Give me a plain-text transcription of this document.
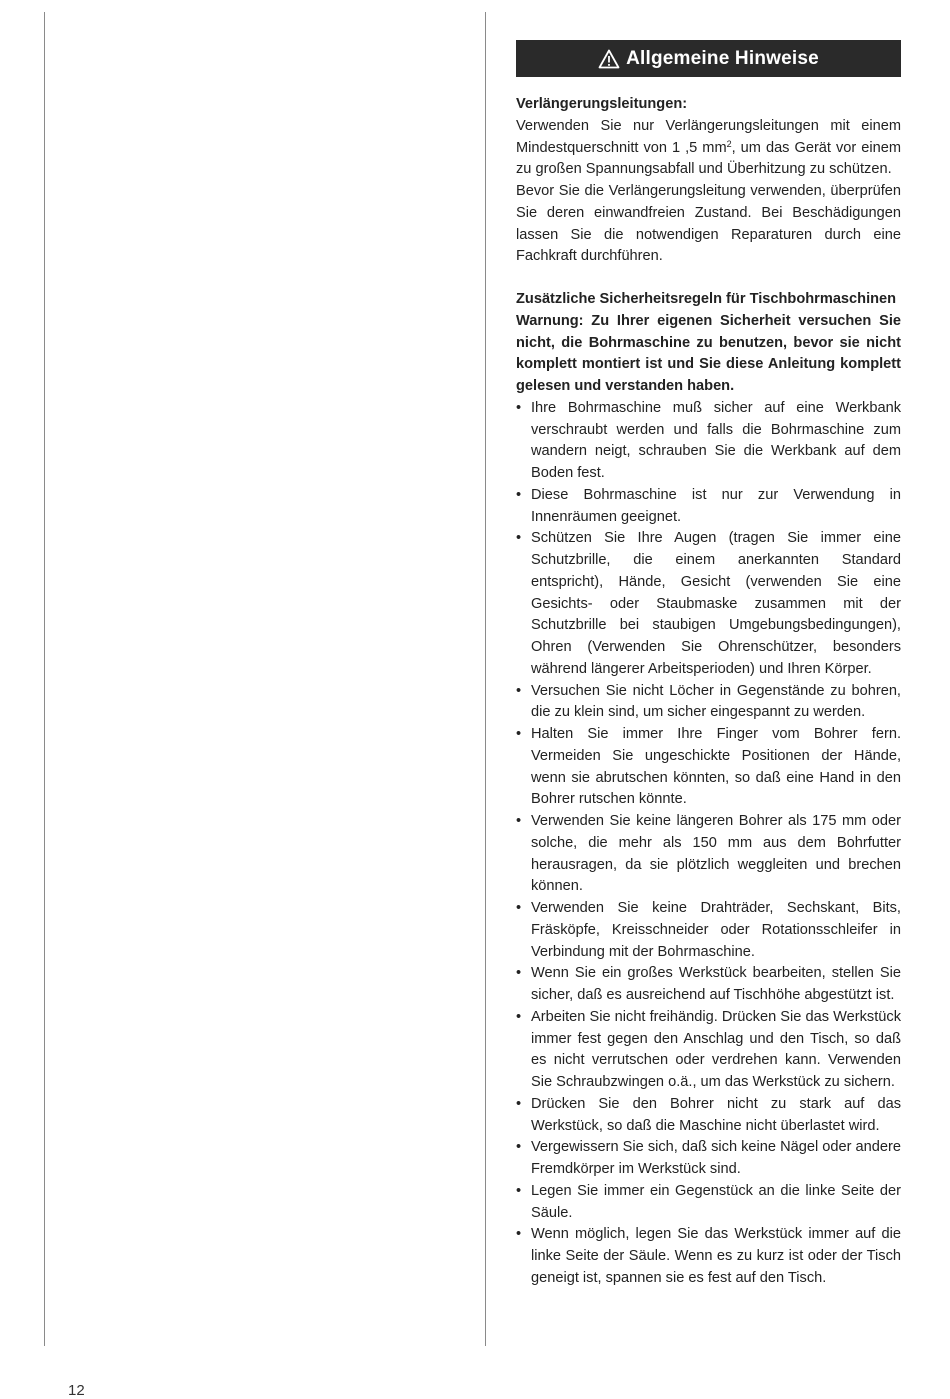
Allgemeine Hinweise

Verlängerungsleitungen:

Verwenden Sie nur Verlängerungsleitungen mit einem Mindestquerschnitt von 1 ,5 $mm^2$, um das Gerät vor einem zu großen Spannungsabfall und Überhitzung zu schützen.

Bevor Sie die Verlängerungsleitung verwenden, überprüfen Sie deren einwandfreien Zustand. Bei Beschädigungen lassen Sie die notwendigen Reparaturen durch eine Fachkraft durchführen.

Zusätzliche Sicherheitsregeln für Tischbohrmaschinen

Warnung: Zu Ihrer eigenen Sicherheit versuchen Sie nicht, die Bohrmaschine zu benutzen, bevor sie nicht komplett montiert ist und Sie diese Anleitung komplett gelesen und verstanden haben.

• Ihre Bohrmaschine muß sicher auf eine Werkbank verschraubt werden und falls die Bohrmaschine zum wandern neigt, schrauben Sie die Werkbank auf dem Boden fest.
• Diese Bohrmaschine ist nur zur Verwendung in Innenräumen geeignet.
• Schützen Sie Ihre Augen (tragen Sie immer eine Schutzbrille, die einem anerkannten Standard entspricht), Hände, Gesicht (verwenden Sie eine Gesichts- oder Staubmaske zusammen mit der Schutzbrille bei staubigen Umgebungsbedingungen), Ohren (Verwenden Sie Ohrenschützer, besonders während längerer Arbeitsperioden) und Ihren Körper.
• Versuchen Sie nicht Löcher in Gegenstände zu bohren, die zu klein sind, um sicher eingespannt zu werden.
• Halten Sie immer Ihre Finger vom Bohrer fern. Vermeiden Sie ungeschickte Positionen der Hände, wenn sie abrutschen könnten, so daß eine Hand in den Bohrer rutschen könnte.
• Verwenden Sie keine längeren Bohrer als 175 mm oder solche, die mehr als 150 mm aus dem Bohrfutter herausragen, da sie plötzlich weggleiten und brechen können.
• Verwenden Sie keine Drahträder, Sechskant, Bits, Fräsköpfe, Kreisschneider oder Rotationsschleifer in Verbindung mit der Bohrmaschine.
• Wenn Sie ein großes Werkstück bearbeiten, stellen Sie sicher, daß es ausreichend auf Tischhöhe abgestützt ist.
• Arbeiten Sie nicht freihändig. Drücken Sie das Werkstück immer fest gegen den Anschlag und den Tisch, so daß es nicht verrutschen oder verdrehen kann. Verwenden Sie Schraubzwingen o.ä., um das Werkstück zu sichern.
• Drücken Sie den Bohrer nicht zu stark auf das Werkstück, so daß die Maschine nicht überlastet wird.
• Vergewissern Sie sich, daß sich keine Nägel oder andere Fremdkörper im Werkstück sind.
• Legen Sie immer ein Gegenstück an die linke Seite der Säule.
• Wenn möglich, legen Sie das Werkstück immer auf die linke Seite der Säule. Wenn es zu kurz ist oder der Tisch geneigt ist, spannen sie es fest auf den Tisch.
12
